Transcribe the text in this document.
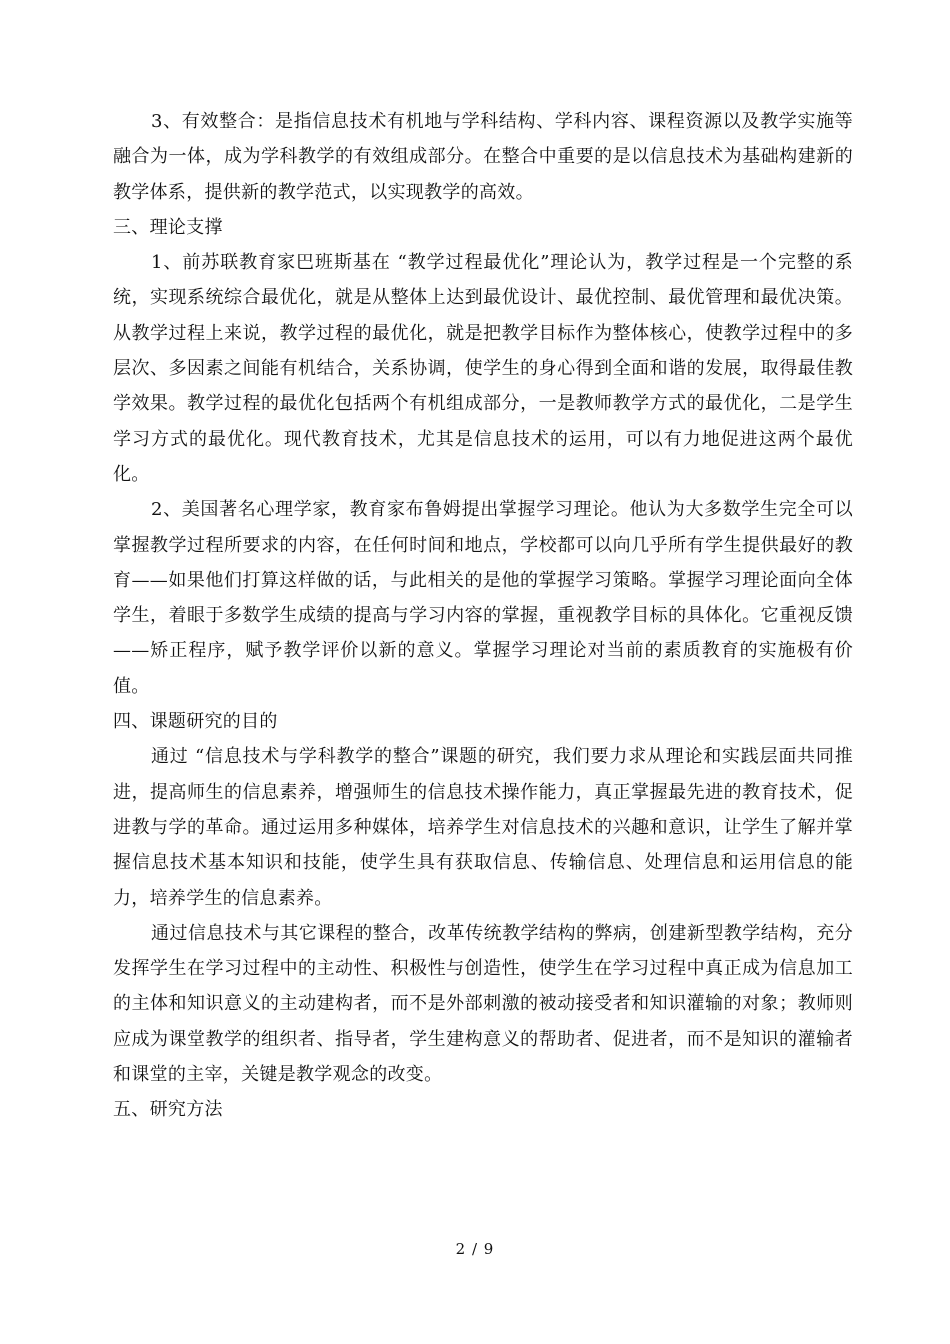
3、有效整合：是指信息技术有机地与学科结构、学科内容、课程资源以及教学实施等融合为一体，成为学科教学的有效组成部分。在整合中重要的是以信息技术为基础构建新的教学体系，提供新的教学范式，以实现教学的高效。

三、理论支撑

1、前苏联教育家巴班斯基在 “教学过程最优化”理论认为，教学过程是一个完整的系统，实现系统综合最优化，就是从整体上达到最优设计、最优控制、最优管理和最优决策。从教学过程上来说，教学过程的最优化，就是把教学目标作为整体核心，使教学过程中的多层次、多因素之间能有机结合，关系协调，使学生的身心得到全面和谐的发展，取得最佳教学效果。教学过程的最优化包括两个有机组成部分，一是教师教学方式的最优化，二是学生学习方式的最优化。现代教育技术，尤其是信息技术的运用，可以有力地促进这两个最优化。

2、美国著名心理学家，教育家布鲁姆提出掌握学习理论。他认为大多数学生完全可以掌握教学过程所要求的内容，在任何时间和地点，学校都可以向几乎所有学生提供最好的教育——如果他们打算这样做的话，与此相关的是他的掌握学习策略。掌握学习理论面向全体学生，着眼于多数学生成绩的提高与学习内容的掌握，重视教学目标的具体化。它重视反馈——矫正程序，赋予教学评价以新的意义。掌握学习理论对当前的素质教育的实施极有价值。

四、课题研究的目的

通过 “信息技术与学科教学的整合”课题的研究，我们要力求从理论和实践层面共同推进，提高师生的信息素养，增强师生的信息技术操作能力，真正掌握最先进的教育技术，促进教与学的革命。通过运用多种媒体，培养学生对信息技术的兴趣和意识，让学生了解并掌握信息技术基本知识和技能，使学生具有获取信息、传输信息、处理信息和运用信息的能力，培养学生的信息素养。

通过信息技术与其它课程的整合，改革传统教学结构的弊病，创建新型教学结构，充分发挥学生在学习过程中的主动性、积极性与创造性，使学生在学习过程中真正成为信息加工的主体和知识意义的主动建构者，而不是外部刺激的被动接受者和知识灌输的对象；教师则应成为课堂教学的组织者、指导者，学生建构意义的帮助者、促进者，而不是知识的灌输者和课堂的主宰，关键是教学观念的改变。

五、研究方法

2 / 9
